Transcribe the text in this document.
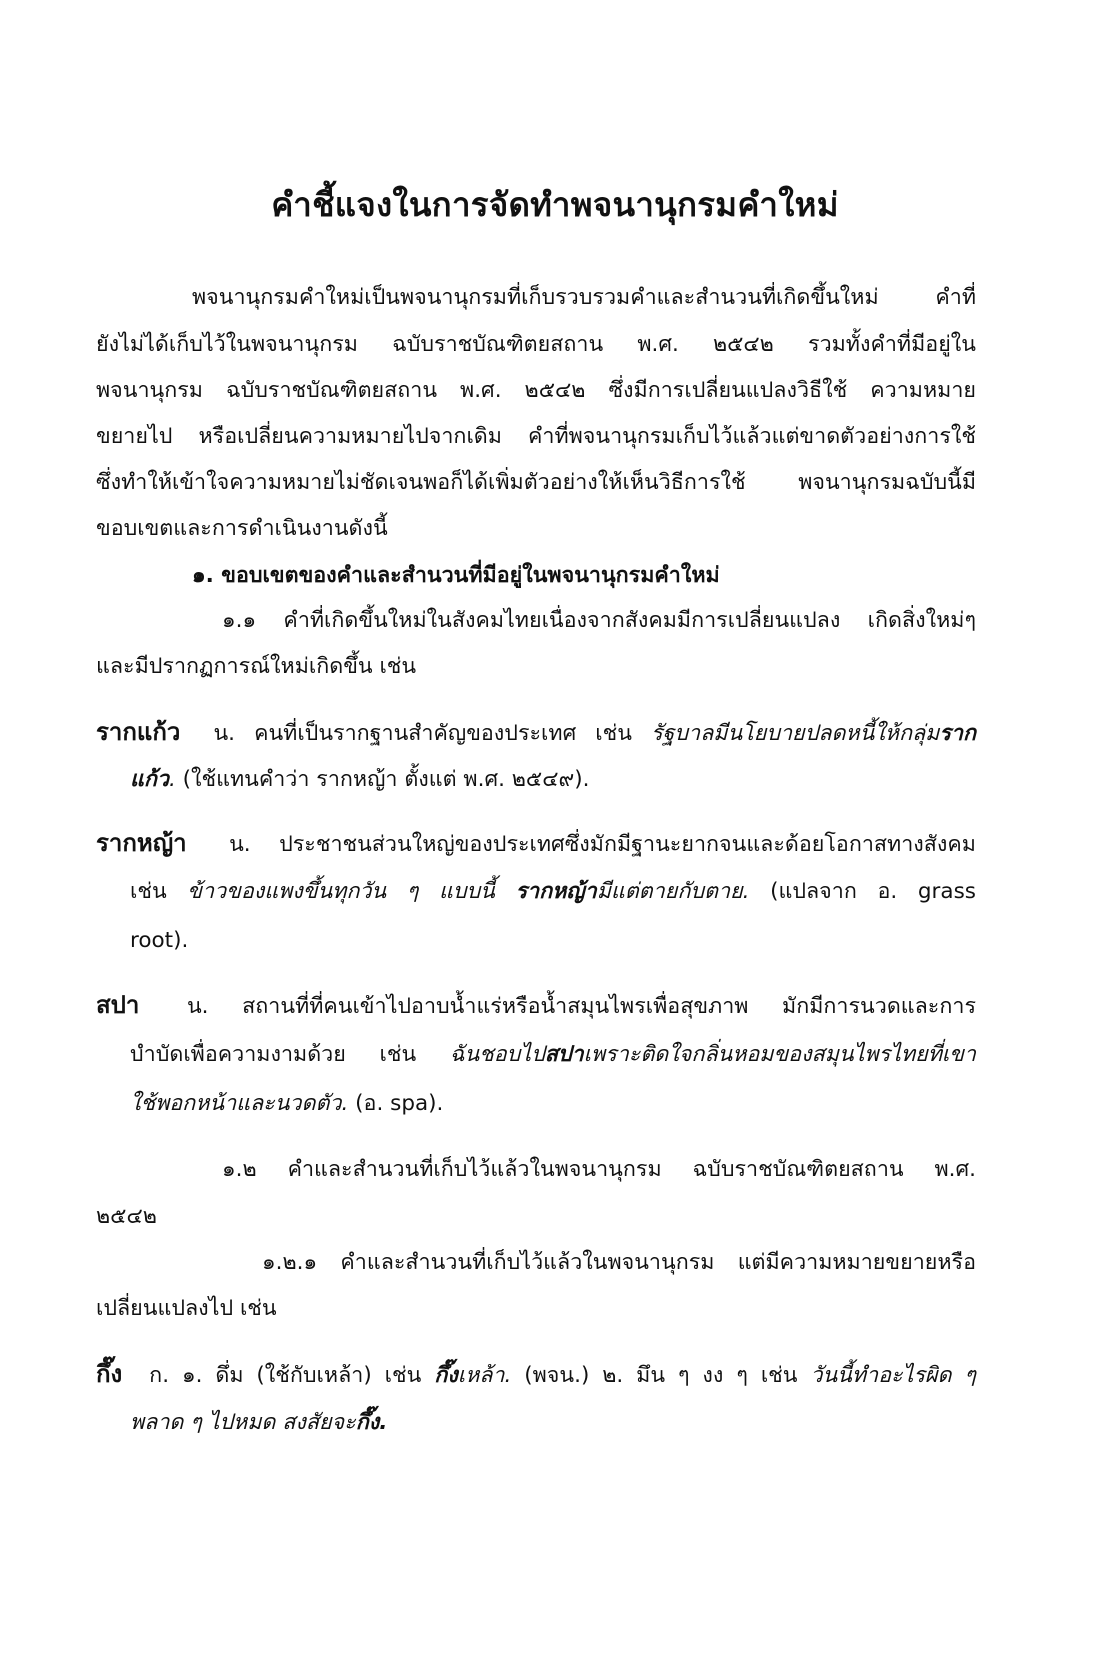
คำชี้แจงในการจัดทำพจนานุกรมคำใหม่
พจนานุกรมคำใหม่เป็นพจนานุกรมที่เก็บรวบรวมคำและสำนวนที่เกิดขึ้นใหม่ คำที่
ยังไม่ได้เก็บไว้ในพจนานุกรม ฉบับราชบัณฑิตยสถาน พ.ศ. ๒๕๔๒ รวมทั้งคำที่มีอยู่ใน
พจนานุกรม ฉบับราชบัณฑิตยสถาน พ.ศ. ๒๕๔๒ ซึ่งมีการเปลี่ยนแปลงวิธีใช้ ความหมาย
ขยายไป หรือเปลี่ยนความหมายไปจากเดิม คำที่พจนานุกรมเก็บไว้แล้วแต่ขาดตัวอย่างการใช้
ซึ่งทำให้เข้าใจความหมายไม่ชัดเจนพอก็ได้เพิ่มตัวอย่างให้เห็นวิธีการใช้ พจนานุกรมฉบับนี้มี
ขอบเขตและการดำเนินงานดังนี้
๑. ขอบเขตของคำและสำนวนที่มีอยู่ในพจนานุกรมคำใหม่
๑.๑ คำที่เกิดขึ้นใหม่ในสังคมไทยเนื่องจากสังคมมีการเปลี่ยนแปลง เกิดสิ่งใหม่ๆ
และมีปรากฏการณ์ใหม่เกิดขึ้น เช่น
รากแก้ว น. คนที่เป็นรากฐานสำคัญของประเทศ เช่น รัฐบาลมีนโยบายปลดหนี้ให้กลุ่มราก
แก้ว. (ใช้แทนคำว่า รากหญ้า ตั้งแต่ พ.ศ. ๒๕๔๙).
รากหญ้า น. ประชาชนส่วนใหญ่ของประเทศซึ่งมักมีฐานะยากจนและด้อยโอกาสทางสังคม
เช่น ข้าวของแพงขึ้นทุกวัน ๆ แบบนี้ รากหญ้ามีแต่ตายกับตาย. (แปลจาก อ. grass
root).
สปา น. สถานที่ที่คนเข้าไปอาบน้ำแร่หรือน้ำสมุนไพรเพื่อสุขภาพ มักมีการนวดและการ
บำบัดเพื่อความงามด้วย เช่น ฉันชอบไปสปาเพราะติดใจกลิ่นหอมของสมุนไพรไทยที่เขา
ใช้พอกหน้าและนวดตัว. (อ. spa).
๑.๒ คำและสำนวนที่เก็บไว้แล้วในพจนานุกรม ฉบับราชบัณฑิตยสถาน พ.ศ.
๒๕๔๒
๑.๒.๑ คำและสำนวนที่เก็บไว้แล้วในพจนานุกรม แต่มีความหมายขยายหรือ
เปลี่ยนแปลงไป เช่น
กึ๊ง ก. ๑. ดึ่ม (ใช้กับเหล้า) เช่น กึ๊งเหล้า. (พจน.) ๒. มึน ๆ งง ๆ เช่น วันนี้ทำอะไรผิด ๆ
พลาด ๆ ไปหมด สงสัยจะกึ๊ง.
